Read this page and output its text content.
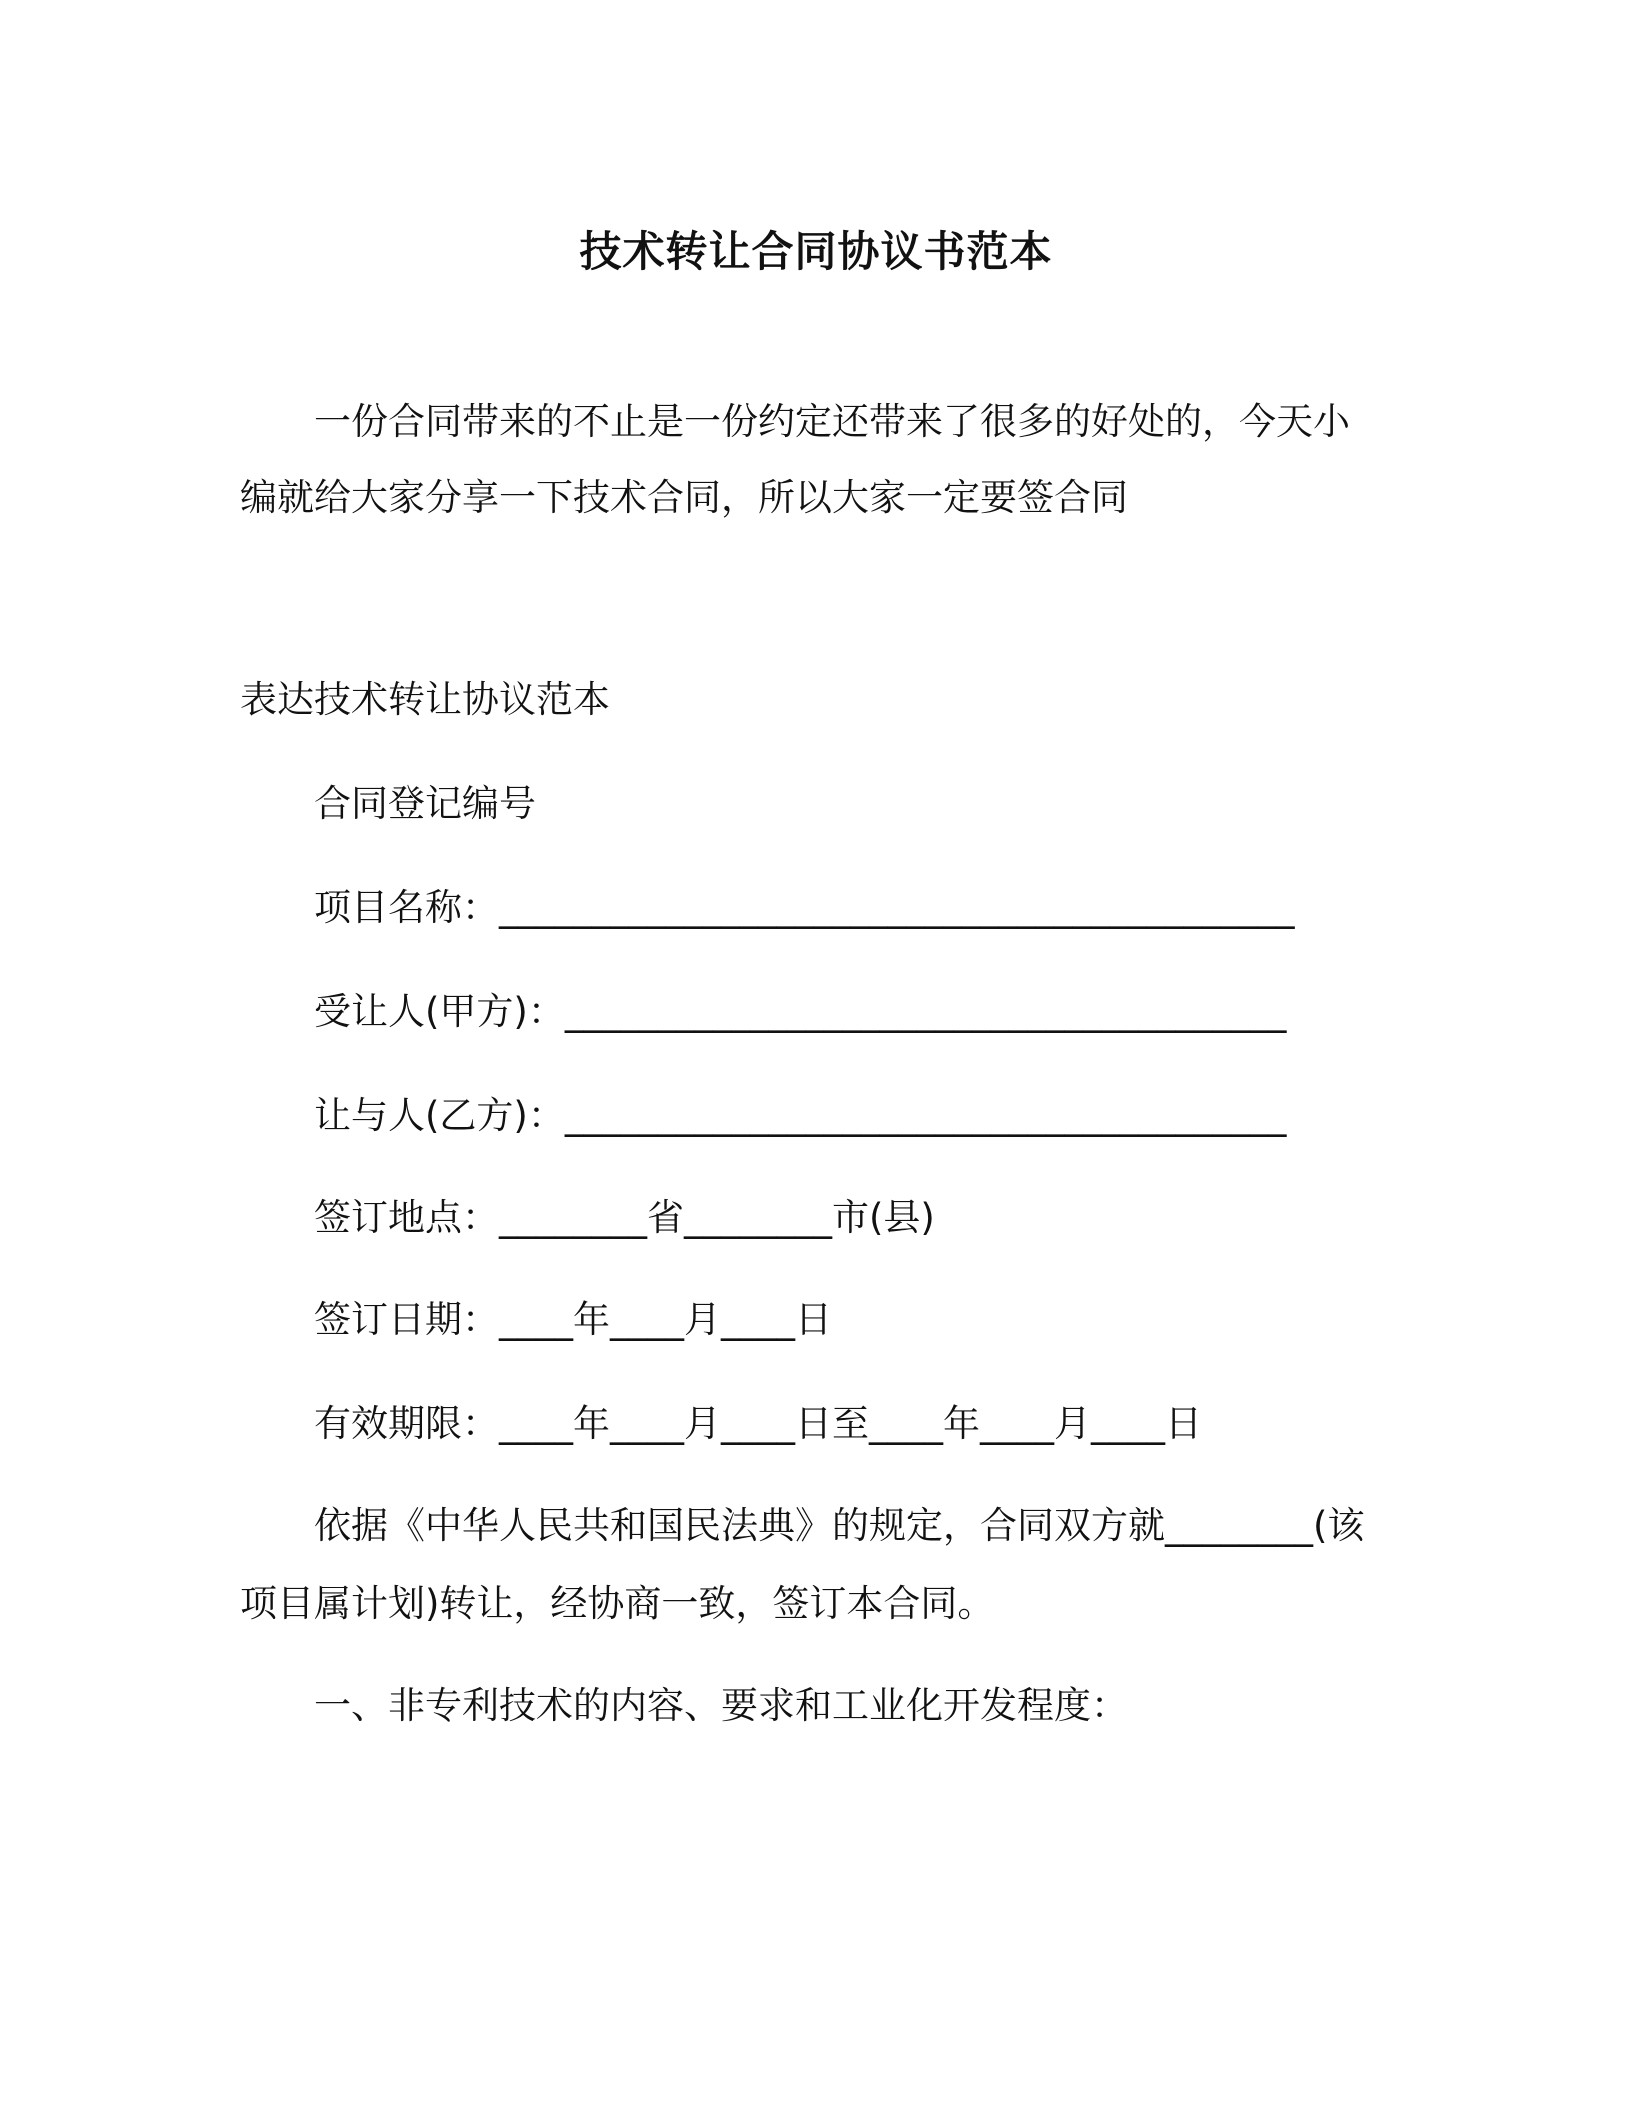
技术转让合同协议书范本
一份合同带来的不止是一份约定还带来了很多的好处的，今天小
编就给大家分享一下技术合同，所以大家一定要签合同
表达技术转让协议范本
合同登记编号
项目名称：___________________________________________
受让人(甲方)：_______________________________________
让与人(乙方)：_______________________________________
签订地点：________省________市(县)
签订日期：____年____月____日
有效期限：____年____月____日至____年____月____日
依据《中华人民共和国民法典》的规定，合同双方就________(该
项目属计划)转让，经协商一致，签订本合同。
一、非专利技术的内容、要求和工业化开发程度：
